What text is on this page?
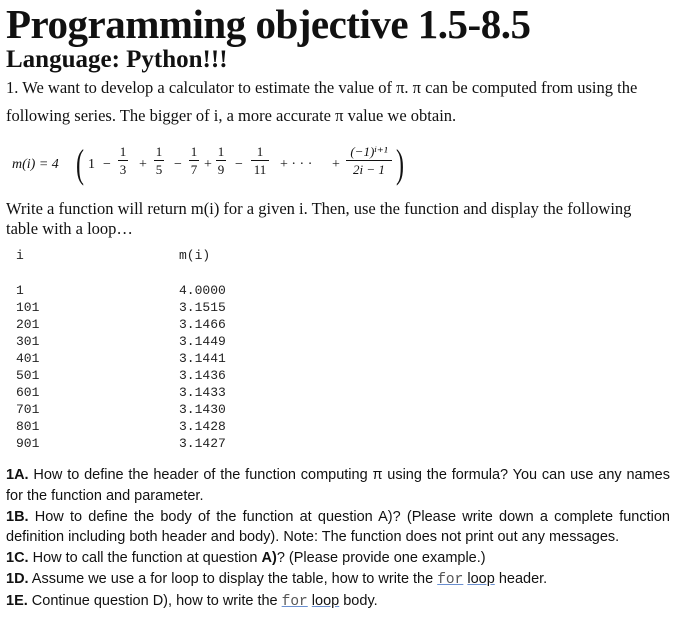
Programming objective 1.5-8.5
Language: Python!!!
1. We want to develop a calculator to estimate the value of π. π can be computed from using the
following series. The bigger of i, a more accurate π value we obtain.
m(i) = 4 ( 1 −
1
3 +
1
5 −
1
7 +
1
9 −
1
11 + · · · +
(−1)ⁱ⁺¹
2i − 1 )
Write a function will return m(i) for a given i. Then, use the function and display the following
table with a loop…
i	m(i)
1
101
201
301
401
501
601
701
801
901
4.0000
3.1515
3.1466
3.1449
3.1441
3.1436
3.1433
3.1430
3.1428
3.1427

1A. How to define the header of the function computing π using the formula? You can use any names for the function and parameter.

1B. How to define the body of the function at question A)? (Please write down a complete function definition including both header and body). Note: The function does not print out any messages.

1C. How to call the function at question A)? (Please provide one example.)

1D. Assume we use a for loop to display the table, how to write the for loop header.

1E. Continue question D), how to write the for loop body.
